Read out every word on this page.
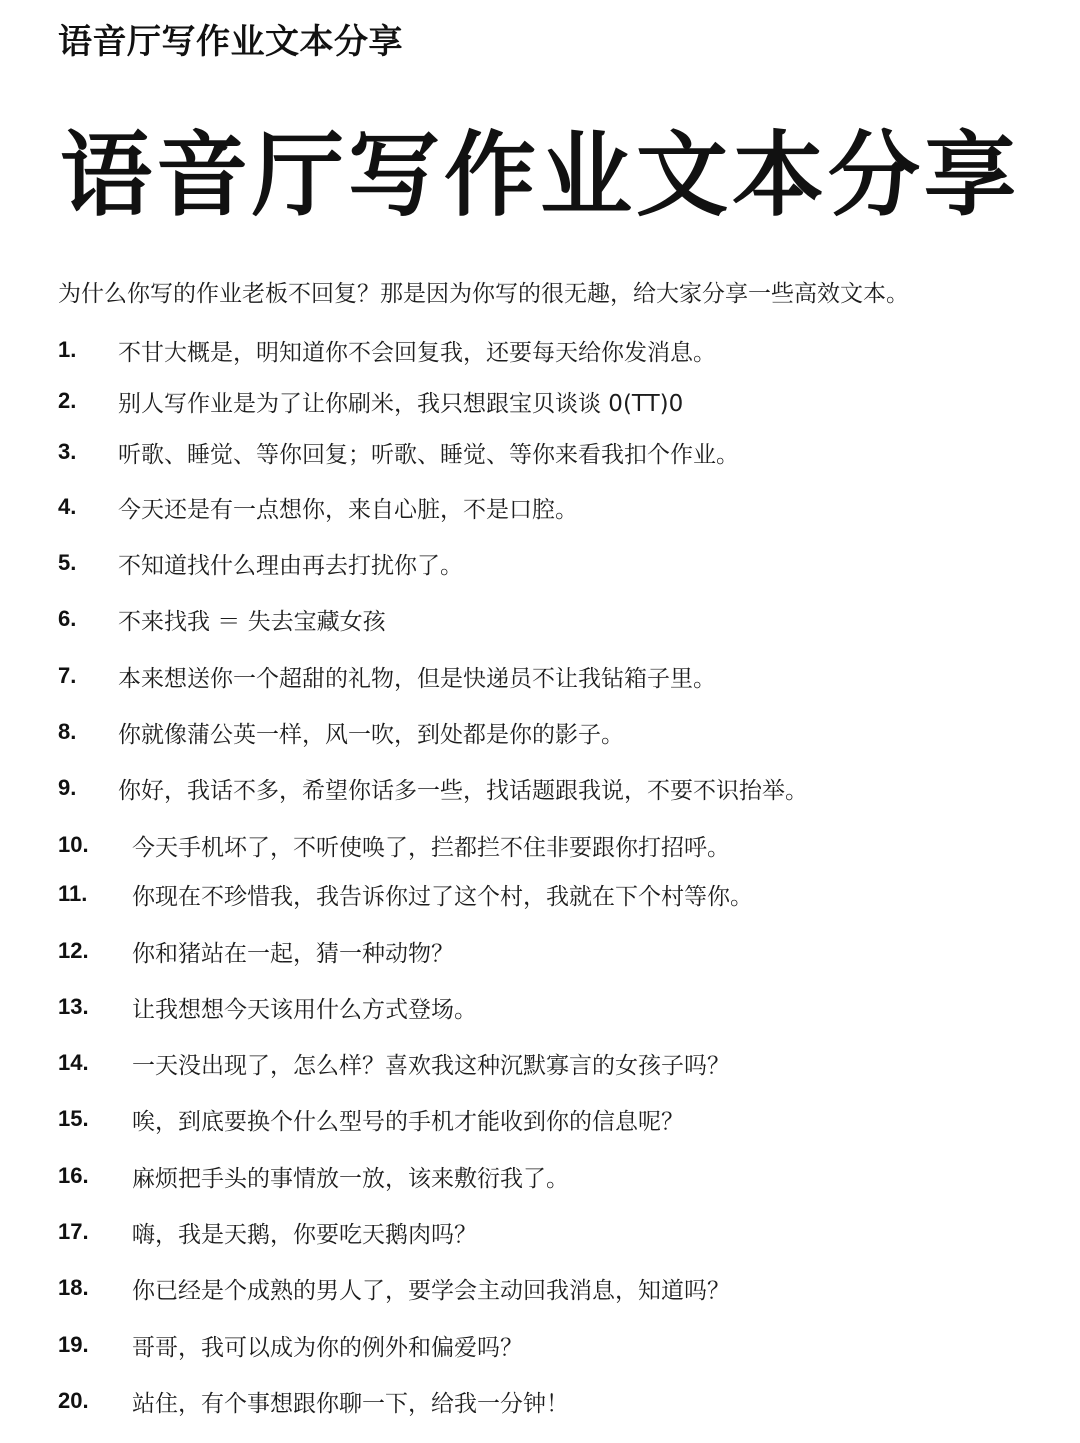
语音厅写作业文本分享
语音厅写作业文本分享
为什么你写的作业老板不回复？那是因为你写的很无趣，给大家分享一些高效文本。
1. 不甘大概是，明知道你不会回复我，还要每天给你发消息。
2. 别人写作业是为了让你刷米，我只想跟宝贝谈谈 0(TT)0
3. 听歌、睡觉、等你回复；听歌、睡觉、等你来看我扣个作业。
4. 今天还是有一点想你，来自心脏，不是口腔。
5. 不知道找什么理由再去打扰你了。
6. 不来找我 ＝ 失去宝藏女孩
7. 本来想送你一个超甜的礼物，但是快递员不让我钻箱子里。
8. 你就像蒲公英一样，风一吹，到处都是你的影子。
9. 你好，我话不多，希望你话多一些，找话题跟我说，不要不识抬举。
10. 今天手机坏了，不听使唤了，拦都拦不住非要跟你打招呼。
11. 你现在不珍惜我，我告诉你过了这个村，我就在下个村等你。
12. 你和猪站在一起，猜一种动物？
13. 让我想想今天该用什么方式登场。
14. 一天没出现了，怎么样？喜欢我这种沉默寡言的女孩子吗？
15. 唉，到底要换个什么型号的手机才能收到你的信息呢？
16. 麻烦把手头的事情放一放，该来敷衍我了。
17. 嗨，我是天鹅，你要吃天鹅肉吗？
18. 你已经是个成熟的男人了，要学会主动回我消息，知道吗？
19. 哥哥，我可以成为你的例外和偏爱吗？
20. 站住，有个事想跟你聊一下，给我一分钟！
